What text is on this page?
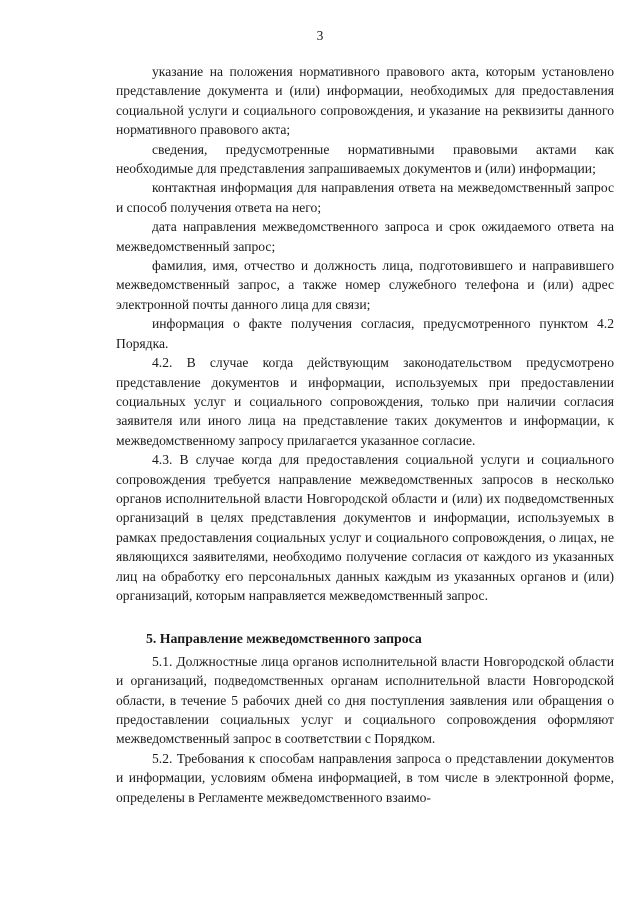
3

указание на положения нормативного правового акта, которым установлено представление документа и (или) информации, необходимых для предоставления социальной услуги и социального сопровождения, и указание на реквизиты данного нормативного правового акта;

сведения, предусмотренные нормативными правовыми актами как необходимые для представления запрашиваемых документов и (или) информации;

контактная информация для направления ответа на межведомственный запрос и способ получения ответа на него;

дата направления межведомственного запроса и срок ожидаемого ответа на межведомственный запрос;

фамилия, имя, отчество и должность лица, подготовившего и направившего межведомственный запрос, а также номер служебного телефона и (или) адрес электронной почты данного лица для связи;

информация о факте получения согласия, предусмотренного пунктом 4.2 Порядка.

4.2. В случае когда действующим законодательством предусмотрено представление документов и информации, используемых при предоставлении социальных услуг и социального сопровождения, только при наличии согласия заявителя или иного лица на представление таких документов и информации, к межведомственному запросу прилагается указанное согласие.

4.3. В случае когда для предоставления социальной услуги и социального сопровождения требуется направление межведомственных запросов в несколько органов исполнительной власти Новгородской области и (или) их подведомственных организаций в целях представления документов и информации, используемых в рамках предоставления социальных услуг и социального сопровождения, о лицах, не являющихся заявителями, необходимо получение согласия от каждого из указанных лиц на обработку его персональных данных каждым из указанных органов и (или) организаций, которым направляется межведомственный запрос.

5. Направление межведомственного запроса

5.1. Должностные лица органов исполнительной власти Новгородской области и организаций, подведомственных органам исполнительной власти Новгородской области, в течение 5 рабочих дней со дня поступления заявления или обращения о предоставлении социальных услуг и социального сопровождения оформляют межведомственный запрос в соответствии с Порядком.

5.2. Требования к способам направления запроса о представлении документов и информации, условиям обмена информацией, в том числе в электронной форме, определены в Регламенте межведомственного взаимо-
